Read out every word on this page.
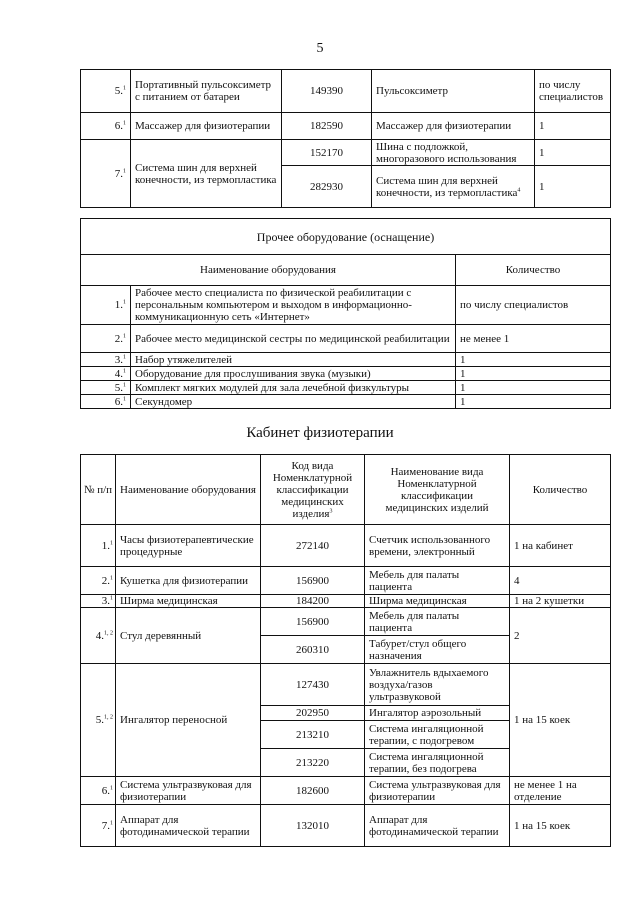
5
5.$^1$	Портативный пульсоксиметр с питанием от батареи	149390	Пульсоксиметр	по числу специалистов
6.$^1$	Массажер для физиотерапии	182590	Массажер для физиотерапии	1
7.$^1$	Система шин для верхней конечности, из термопластика	152170	Шина с подложкой, многоразового использования	1
		282930	Система шин для верхней конечности, из термопластика$^4$	1
Прочее оборудование (оснащение)		
Наименование оборудования		Количество
1.$^1$	Рабочее место специалиста по физической реабилитации с персональным компьютером и выходом в информационно-коммуникационную сеть «Интернет»	по числу специалистов
2.$^1$	Рабочее место медицинской сестры по медицинской реабилитации	не менее 1
3.$^1$	Набор утяжелителей	1
4.$^1$	Оборудование для прослушивания звука (музыки)	1
5.$^1$	Комплект мягких модулей для зала лечебной физкультуры	1
6.$^1$	Секундомер	1
Кабинет физиотерапии
№ п/п	Наименование оборудования	Код вида Номенклатурной классификации медицинских изделия$^3$	Наименование вида Номенклатурной классификации медицинских изделий	Количество
1.$^1$	Часы физиотерапевтические процедурные	272140	Счетчик использованного времени, электронный	1 на кабинет
2.$^1$	Кушетка для физиотерапии	156900	Мебель для палаты пациента	4
3.$^1$	Ширма медицинская	184200	Ширма медицинская	1 на 2 кушетки
4.$^{1, 2}$	Стул деревянный	156900	Мебель для палаты пациента	2
		260310	Табурет/стул общего назначения	
5.$^{1, 2}$	Ингалятор переносной	127430	Увлажнитель вдыхаемого воздуха/газов ультразвуковой	1 на 15 коек
		202950	Ингалятор аэрозольный	
		213210	Система ингаляционной терапии, с подогревом	
		213220	Система ингаляционной терапии, без подогрева	
6.$^1$	Система ультразвуковая для физиотерапии	182600	Система ультразвуковая для физиотерапии	не менее 1 на отделение
7.$^1$	Аппарат для фотодинамической терапии	132010	Аппарат для фотодинамической терапии	1 на 15 коек
